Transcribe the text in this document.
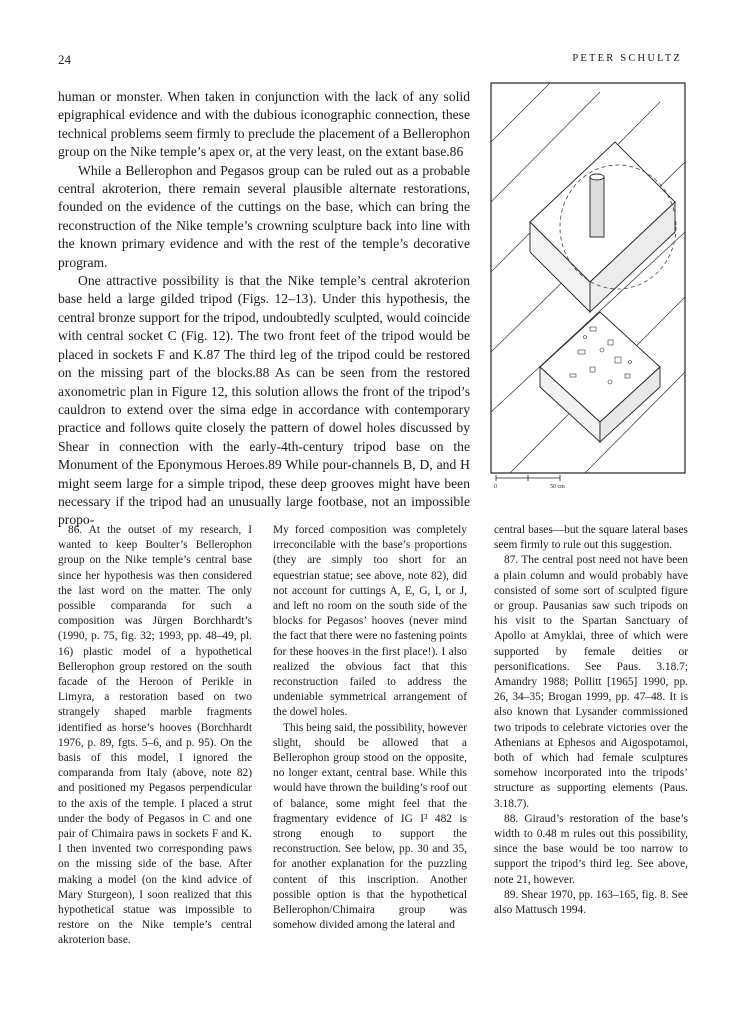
24	PETER SCHULTZ

human or monster. When taken in conjunction with the lack of any solid epigraphical evidence and with the dubious iconographic connection, these technical problems seem firmly to preclude the placement of a Bellerophon group on the Nike temple’s apex or, at the very least, on the extant base.86

While a Bellerophon and Pegasos group can be ruled out as a probable central akroterion, there remain several plausible alternate restorations, founded on the evidence of the cuttings on the base, which can bring the reconstruction of the Nike temple’s crowning sculpture back into line with the known primary evidence and with the rest of the temple’s decorative program.

One attractive possibility is that the Nike temple’s central akroterion base held a large gilded tripod (Figs. 12–13). Under this hypothesis, the central bronze support for the tripod, undoubtedly sculpted, would coincide with central socket C (Fig. 12). The two front feet of the tripod would be placed in sockets F and K.87 The third leg of the tripod could be restored on the missing part of the blocks.88 As can be seen from the restored axonometric plan in Figure 12, this solution allows the front of the tripod’s cauldron to extend over the sima edge in accordance with contemporary practice and follows quite closely the pattern of dowel holes discussed by Shear in connection with the early-4th-century tripod base on the Monument of the Eponymous Heroes.89 While pour-channels B, D, and H might seem large for a simple tripod, these deep grooves might have been necessary if the tripod had an unusually large footbase, not an impossible propo-

0	50 cm

86. At the outset of my research, I wanted to keep Boulter’s Bellerophon group on the Nike temple’s central base since her hypothesis was then considered the last word on the matter. The only possible comparanda for such a composition was Jürgen Borchhardt’s (1990, p. 75, fig. 32; 1993, pp. 48–49, pl. 16) plastic model of a hypothetical Bellerophon group restored on the south facade of the Heroon of Perikle in Limyra, a restoration based on two strangely shaped marble fragments identified as horse’s hooves (Borchhardt 1976, p. 89, fgts. 5–6, and p. 95). On the basis of this model, I ignored the comparanda from Italy (above, note 82) and positioned my Pegasos perpendicular to the axis of the temple. I placed a strut under the body of Pegasos in C and one pair of Chimaira paws in sockets F and K. I then invented two corresponding paws on the missing side of the base. After making a model (on the kind advice of Mary Sturgeon), I soon realized that this hypothetical statue was impossible to restore on the Nike temple’s central akroterion base.

My forced composition was completely irreconcilable with the base’s proportions (they are simply too short for an equestrian statue; see above, note 82), did not account for cuttings A, E, G, I, or J, and left no room on the south side of the blocks for Pegasos’ hooves (never mind the fact that there were no fastening points for these hooves in the first place!). I also realized the obvious fact that this reconstruction failed to address the undeniable symmetrical arrangement of the dowel holes.

This being said, the possibility, however slight, should be allowed that a Bellerophon group stood on the opposite, no longer extant, central base. While this would have thrown the building’s roof out of balance, some might feel that the fragmentary evidence of IG I³ 482 is strong enough to support the reconstruction. See below, pp. 30 and 35, for another explanation for the puzzling content of this inscription. Another possible option is that the hypothetical Bellerophon/Chimaira group was somehow divided among the lateral and

central bases—but the square lateral bases seem firmly to rule out this suggestion.

87. The central post need not have been a plain column and would probably have consisted of some sort of sculpted figure or group. Pausanias saw such tripods on his visit to the Spartan Sanctuary of Apollo at Amyklai, three of which were supported by female deities or personifications. See Paus. 3.18.7; Amandry 1988; Pollitt [1965] 1990, pp. 26, 34–35; Brogan 1999, pp. 47–48. It is also known that Lysander commissioned two tripods to celebrate victories over the Athenians at Ephesos and Aigospotamoi, both of which had female sculptures somehow incorporated into the tripods’ structure as supporting elements (Paus. 3.18.7).

88. Giraud’s restoration of the base’s width to 0.48 m rules out this possibility, since the base would be too narrow to support the tripod’s third leg. See above, note 21, however.

89. Shear 1970, pp. 163–165, fig. 8. See also Mattusch 1994.
